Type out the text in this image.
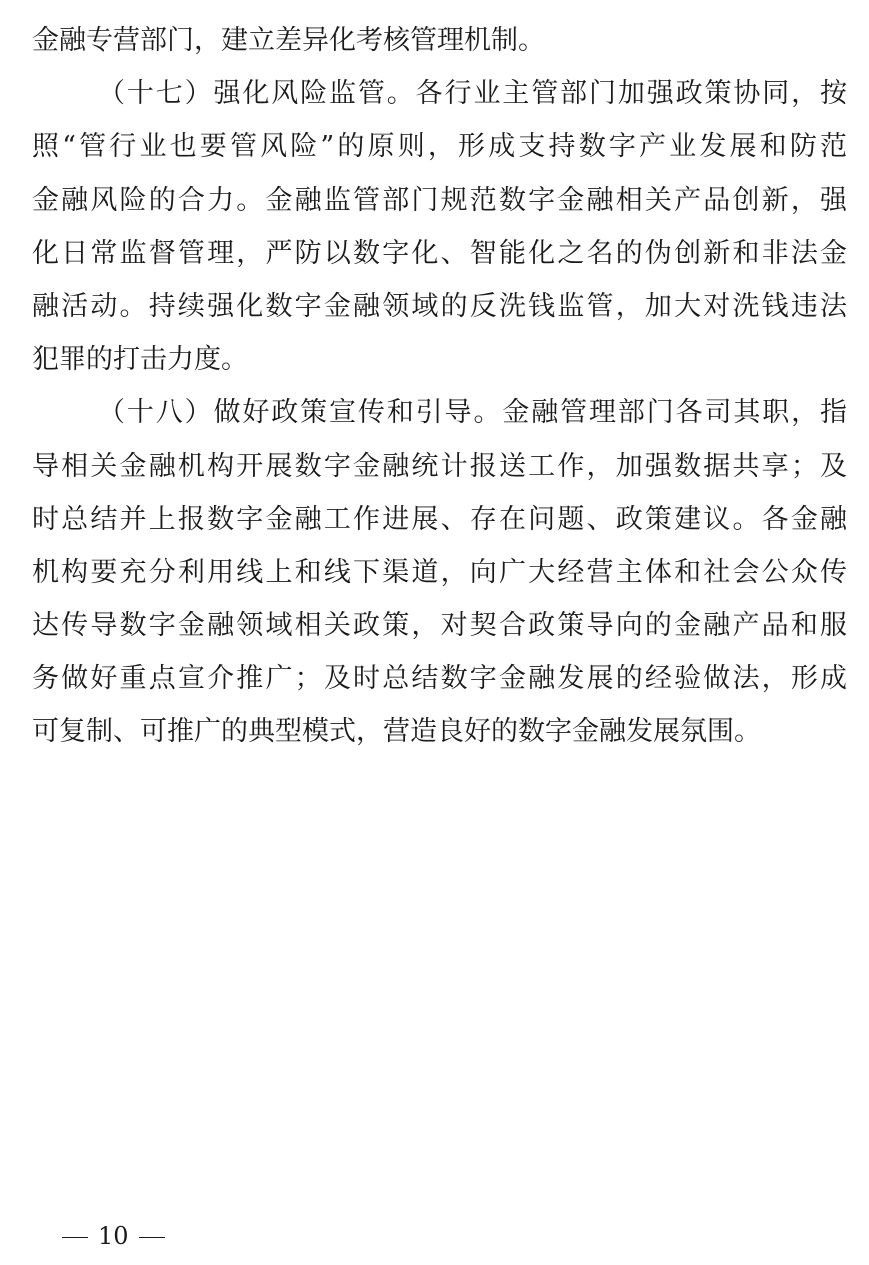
金融专营部门，建立差异化考核管理机制。
（十七）强化风险监管。各行业主管部门加强政策协同，按
照“管行业也要管风险”的原则，形成支持数字产业发展和防范
金融风险的合力。金融监管部门规范数字金融相关产品创新，强
化日常监督管理，严防以数字化、智能化之名的伪创新和非法金
融活动。持续强化数字金融领域的反洗钱监管，加大对洗钱违法
犯罪的打击力度。
（十八）做好政策宣传和引导。金融管理部门各司其职，指
导相关金融机构开展数字金融统计报送工作，加强数据共享；及
时总结并上报数字金融工作进展、存在问题、政策建议。各金融
机构要充分利用线上和线下渠道，向广大经营主体和社会公众传
达传导数字金融领域相关政策，对契合政策导向的金融产品和服
务做好重点宣介推广；及时总结数字金融发展的经验做法，形成
可复制、可推广的典型模式，营造良好的数字金融发展氛围。
10
